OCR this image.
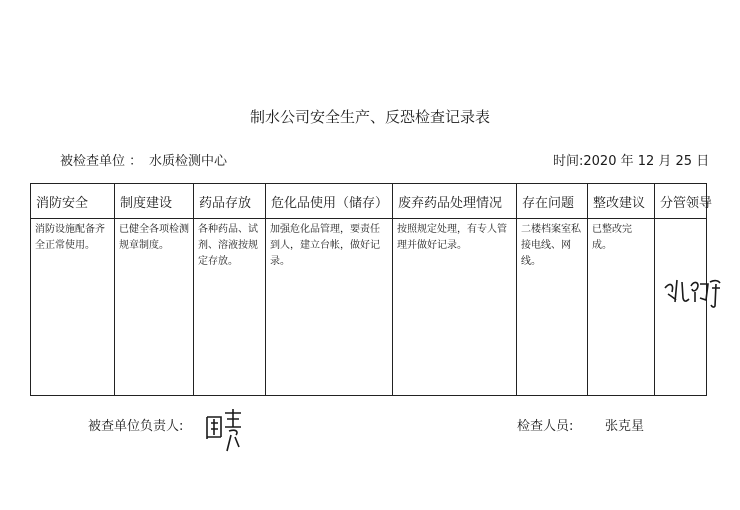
制水公司安全生产、反恐检查记录表
被检查单位 ： 水质检测中心	时间:2020 年 12 月 25 日
消防安全	制度建设	药品存放	危化品使用（储存）	废弃药品处理情况	存在问题	整改建议	分管领导
消防设施配备齐全正常使用。	已健全各项检测规章制度。	各种药品、试剂、溶液按规定存放。	加强危化品管理，要责任到人，建立台帐，做好记录。	按照规定处理，有专人管理并做好记录。	二楼档案室私接电线、网线。	已整改完成。	
被查单位负责人:	检查人员: 张克星
